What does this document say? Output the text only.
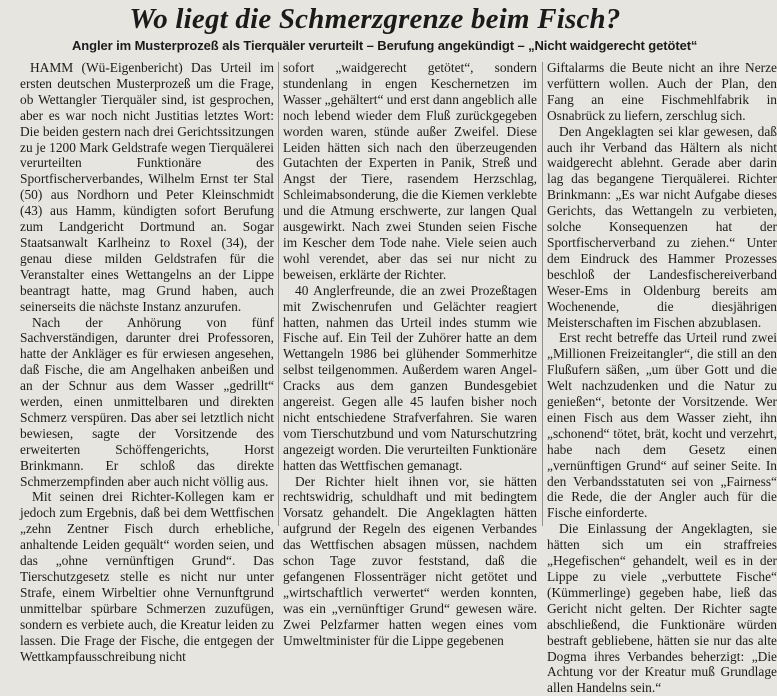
Wo liegt die Schmerzgrenze beim Fisch?
Angler im Musterprozeß als Tierquäler verurteilt – Berufung angekündigt – „Nicht waidgerecht getötet“

HAMM (Wü-Eigenbericht) Das Urteil im ersten deutschen Musterprozeß um die Frage, ob Wettangler Tierquäler sind, ist gesprochen, aber es war noch nicht Justitias letztes Wort: Die beiden gestern nach drei Gerichtssitzungen zu je 1200 Mark Geldstrafe wegen Tierquälerei verurteilten Funktionäre des Sportfischerverbandes, Wilhelm Ernst ter Stal (50) aus Nordhorn und Peter Kleinschmidt (43) aus Hamm, kündigten sofort Berufung zum Landgericht Dortmund an. Sogar Staatsanwalt Karlheinz to Roxel (34), der genau diese milden Geldstrafen für die Veranstalter eines Wettangelns an der Lippe beantragt hatte, mag Grund haben, auch seinerseits die nächste Instanz anzurufen.

Nach der Anhörung von fünf Sachverständigen, darunter drei Professoren, hatte der Ankläger es für erwiesen angesehen, daß Fische, die am Angelhaken anbeißen und an der Schnur aus dem Wasser „gedrillt“ werden, einen unmittelbaren und direkten Schmerz verspüren. Das aber sei letztlich nicht bewiesen, sagte der Vorsitzende des erweiterten Schöffengerichts, Horst Brinkmann. Er schloß das direkte Schmerzempfinden aber auch nicht völlig aus.

Mit seinen drei Richter-Kollegen kam er jedoch zum Ergebnis, daß bei dem Wettfischen „zehn Zentner Fisch durch erhebliche, anhaltende Leiden gequält“ worden seien, und das „ohne vernünftigen Grund“. Das Tierschutzgesetz stelle es nicht nur unter Strafe, einem Wirbeltier ohne Vernunftgrund unmittelbar spürbare Schmerzen zuzufügen, sondern es verbiete auch, die Kreatur leiden zu lassen. Die Frage der Fische, die entgegen der Wettkampfausschreibung nicht

sofort „waidgerecht getötet“, sondern stundenlang in engen Keschernetzen im Wasser „gehältert“ und erst dann angeblich alle noch lebend wieder dem Fluß zurückgegeben worden waren, stünde außer Zweifel. Diese Leiden hätten sich nach den überzeugenden Gutachten der Experten in Panik, Streß und Angst der Tiere, rasendem Herzschlag, Schleimabsonderung, die die Kiemen verklebte und die Atmung erschwerte, zur langen Qual ausgewirkt. Nach zwei Stunden seien Fische im Kescher dem Tode nahe. Viele seien auch wohl verendet, aber das sei nur nicht zu beweisen, erklärte der Richter.

40 Anglerfreunde, die an zwei Prozeßtagen mit Zwischenrufen und Gelächter reagiert hatten, nahmen das Urteil indes stumm wie Fische auf. Ein Teil der Zuhörer hatte an dem Wettangeln 1986 bei glühender Sommerhitze selbst teilgenommen. Außerdem waren Angel-Cracks aus dem ganzen Bundesgebiet angereist. Gegen alle 45 laufen bisher noch nicht entschiedene Strafverfahren. Sie waren vom Tierschutzbund und vom Naturschutzring angezeigt worden. Die verurteilten Funktionäre hatten das Wettfischen gemanagt.

Der Richter hielt ihnen vor, sie hätten rechtswidrig, schuldhaft und mit bedingtem Vorsatz gehandelt. Die Angeklagten hätten aufgrund der Regeln des eigenen Verbandes das Wettfischen absagen müssen, nachdem schon Tage zuvor feststand, daß die gefangenen Flossenträger nicht getötet und „wirtschaftlich verwertet“ werden konnten, was ein „vernünftiger Grund“ gewesen wäre. Zwei Pelzfarmer hatten wegen eines vom Umweltminister für die Lippe gegebenen

Giftalarms die Beute nicht an ihre Nerze verfüttern wollen. Auch der Plan, den Fang an eine Fischmehlfabrik in Osnabrück zu liefern, zerschlug sich.

Den Angeklagten sei klar gewesen, daß auch ihr Verband das Hältern als nicht waidgerecht ablehnt. Gerade aber darin lag das begangene Tierquälerei. Richter Brinkmann: „Es war nicht Aufgabe dieses Gerichts, das Wettangeln zu verbieten, solche Konsequenzen hat der Sportfischerverband zu ziehen.“ Unter dem Eindruck des Hammer Prozesses beschloß der Landesfischereiverband Weser-Ems in Oldenburg bereits am Wochenende, die diesjährigen Meisterschaften im Fischen abzublasen.

Erst recht betreffe das Urteil rund zwei „Millionen Freizeitangler“, die still an den Flußufern säßen, „um über Gott und die Welt nachzudenken und die Natur zu genießen“, betonte der Vorsitzende. Wer einen Fisch aus dem Wasser zieht, ihn „schonend“ tötet, brät, kocht und verzehrt, habe nach dem Gesetz einen „vernünftigen Grund“ auf seiner Seite. In den Verbandsstatuten sei von „Fairness“ die Rede, die der Angler auch für die Fische einforderte.

Die Einlassung der Angeklagten, sie hätten sich um ein straffreies „Hegefischen“ gehandelt, weil es in der Lippe zu viele „verbuttete Fische“ (Kümmerlinge) gegeben habe, ließ das Gericht nicht gelten. Der Richter sagte abschließend, die Funktionäre würden bestraft gebliebene, hätten sie nur das alte Dogma ihres Verbandes beherzigt: „Die Achtung vor der Kreatur muß Grundlage allen Handelns sein.“
